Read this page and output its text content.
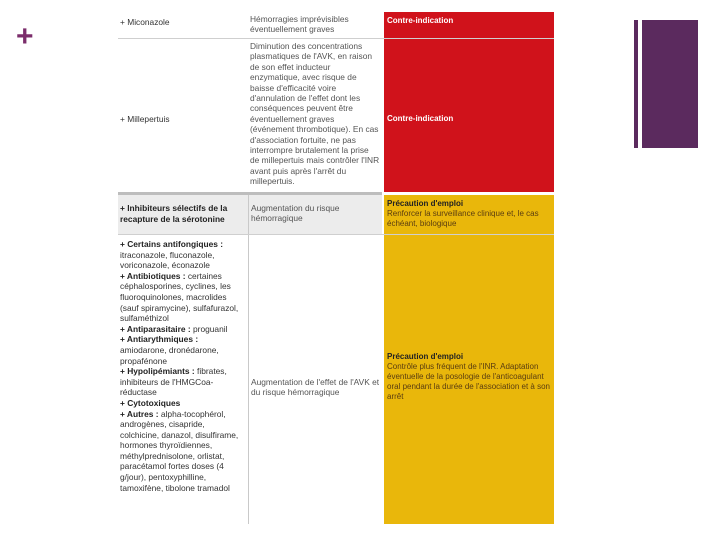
+	+ Miconazole	Hémorragies imprévisibles éventuellement graves
Contre-indication
+ Millepertuis
Diminution des concentrations plasmatiques de l'AVK, en raison de son effet inducteur enzymatique, avec risque de baisse d'efficacité voire d'annulation de l'effet dont les conséquences peuvent être éventuellement graves (événement thrombotique). En cas d'association fortuite, ne pas interrompre brutalement la prise de millepertuis mais contrôler l'INR avant puis après l'arrêt du millepertuis.
Contre-indication
+ Inhibiteurs sélectifs de la recapture de la sérotonine
Augmentation du risque hémorragique
Précaution d'emploi
Renforcer la surveillance clinique et, le cas échéant, biologique
+ Certains antifongiques :
itraconazole, fluconazole, voriconazole, éconazole
+ Antibiotiques : certaines céphalosporines, cyclines, les fluoroquinolones, macrolides (sauf spiramycine), sulfafurazol, sulfaméthizol
+ Antiparasitaire : proguanil
+ Antiarythmiques :
amiodarone, dronédarone, propafénone
+ Hypolipémiants : fibrates, inhibiteurs de l'HMGCoa-réductase
+ Cytotoxiques
+ Autres : alpha-tocophérol, androgènes, cisapride, colchicine, danazol, disulfirame, hormones thyroïdiennes, méthylprednisolone, orlistat, paracétamol fortes doses (4 g/jour), pentoxyphilline, tamoxifène, tibolone tramadol
Augmentation de l'effet de l'AVK et du risque hémorragique
Précaution d'emploi
Contrôle plus fréquent de l'INR. Adaptation éventuelle de la posologie de l'anticoagulant oral pendant la durée de l'association et à son arrêt
